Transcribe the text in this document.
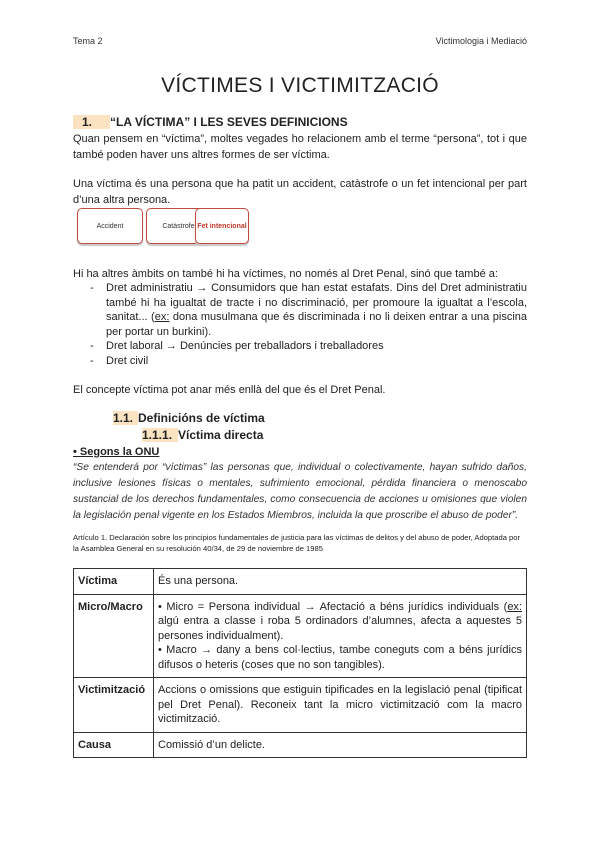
Tema 2	Victimologia i Mediació
VÍCTIMES I VICTIMITZACIÓ
1. “LA VÍCTIMA” I LES SEVES DEFINICIONS
Quan pensem en “víctima”, moltes vegades ho relacionem amb el terme “persona”, tot i que també poden haver uns altres formes de ser víctima.
Una víctima és una persona que ha patit un accident, catàstrofe o un fet intencional per part d’una altra persona.
Accident	Catàstrofe Fet intencional
Hi ha altres àmbits on també hi ha víctimes, no només al Dret Penal, sinó que també a:
- Dret administratiu → Consumidors que han estat estafats. Dins del Dret administratiu també hi ha igualtat de tracte i no discriminació, per promoure la igualtat a l’escola, sanitat... (ex: dona musulmana que és discriminada i no li deixen entrar a una piscina per portar un burkini).
- Dret laboral → Denúncies per treballadors i treballadores
- Dret civil
El concepte víctima pot anar més enllà del que és el Dret Penal.
1.1. Definicións de víctima
1.1.1. Víctima directa
• Segons la ONU
“Se entenderá por “víctimas” las personas que, individual o colectivamente, hayan sufrido daños, inclusive lesiones físicas o mentales, sufrimiento emocional, pérdida financiera o menoscabo sustancial de los derechos fundamentales, como consecuencia de acciones u omisiones que violen la legislación penal vigente en los Estados Miembros, incluida la que proscribe el abuso de poder”.
Artículo 1. Declaración sobre los principios fundamentales de justicia para las víctimas de delitos y del abuso de poder, Adoptada por la Asamblea General en su resolución 40/34, de 29 de noviembre de 1985
Víctima	És una persona.
Micro/Macro	• Micro = Persona individual → Afectació a béns jurídics individuals (ex: algú entra a classe i roba 5 ordinadors d’alumnes, afecta a aquestes 5 persones individualment).
• Macro → dany a bens col·lectius, tambe coneguts com a béns jurídics difusos o heteris (coses que no son tangibles).

Victimització	Accions o omissions que estiguin tipificades en la legislació penal (tipificat pel Dret Penal). Reconeix tant la micro victimització com la macro victimització.
Causa	Comissió d’un delicte.
